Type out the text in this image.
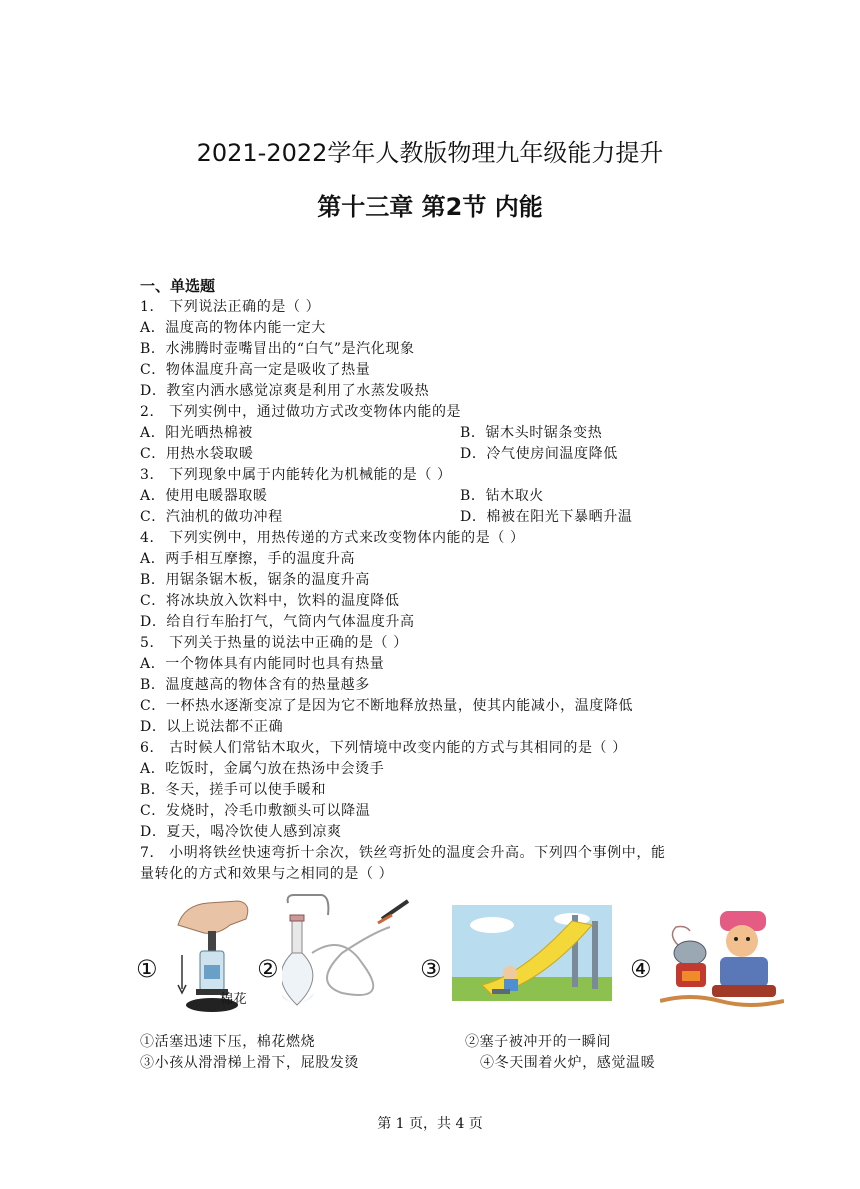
2021-2022学年人教版物理九年级能力提升
第十三章 第2节 内能
一、单选题
1． 下列说法正确的是（ ）
A．温度高的物体内能一定大
B．水沸腾时壶嘴冒出的“白气”是汽化现象
C．物体温度升高一定是吸收了热量
D．教室内洒水感觉凉爽是利用了水蒸发吸热
2． 下列实例中，通过做功方式改变物体内能的是
A．阳光晒热棉被	B．锯木头时锯条变热
C．用热水袋取暖	D．冷气使房间温度降低
3． 下列现象中属于内能转化为机械能的是（ ）
A．使用电暖器取暖	B．钻木取火
C．汽油机的做功冲程	D．棉被在阳光下暴晒升温
4． 下列实例中，用热传递的方式来改变物体内能的是（ ）
A．两手相互摩擦，手的温度升高
B．用锯条锯木板，锯条的温度升高
C．将冰块放入饮料中，饮料的温度降低
D．给自行车胎打气，气筒内气体温度升高
5． 下列关于热量的说法中正确的是（ ）
A．一个物体具有内能同时也具有热量
B．温度越高的物体含有的热量越多
C．一杯热水逐渐变凉了是因为它不断地释放热量，使其内能减小，温度降低
D．以上说法都不正确
6． 古时候人们常钻木取火，下列情境中改变内能的方式与其相同的是（ ）
A．吃饭时，金属勺放在热汤中会烫手
B．冬天，搓手可以使手暖和
C．发烧时，冷毛巾敷额头可以降温
D．夏天，喝冷饮使人感到凉爽
7． 小明将铁丝快速弯折十余次，铁丝弯折处的温度会升高。下列四个事例中，能
量转化的方式和效果与之相同的是（ ）
①
棉花
②	③	④
①活塞迅速下压，棉花燃烧	②塞子被冲开的一瞬间
③小孩从滑滑梯上滑下，屁股发烫	④冬天围着火炉，感觉温暖
第 1 页，共 4 页
